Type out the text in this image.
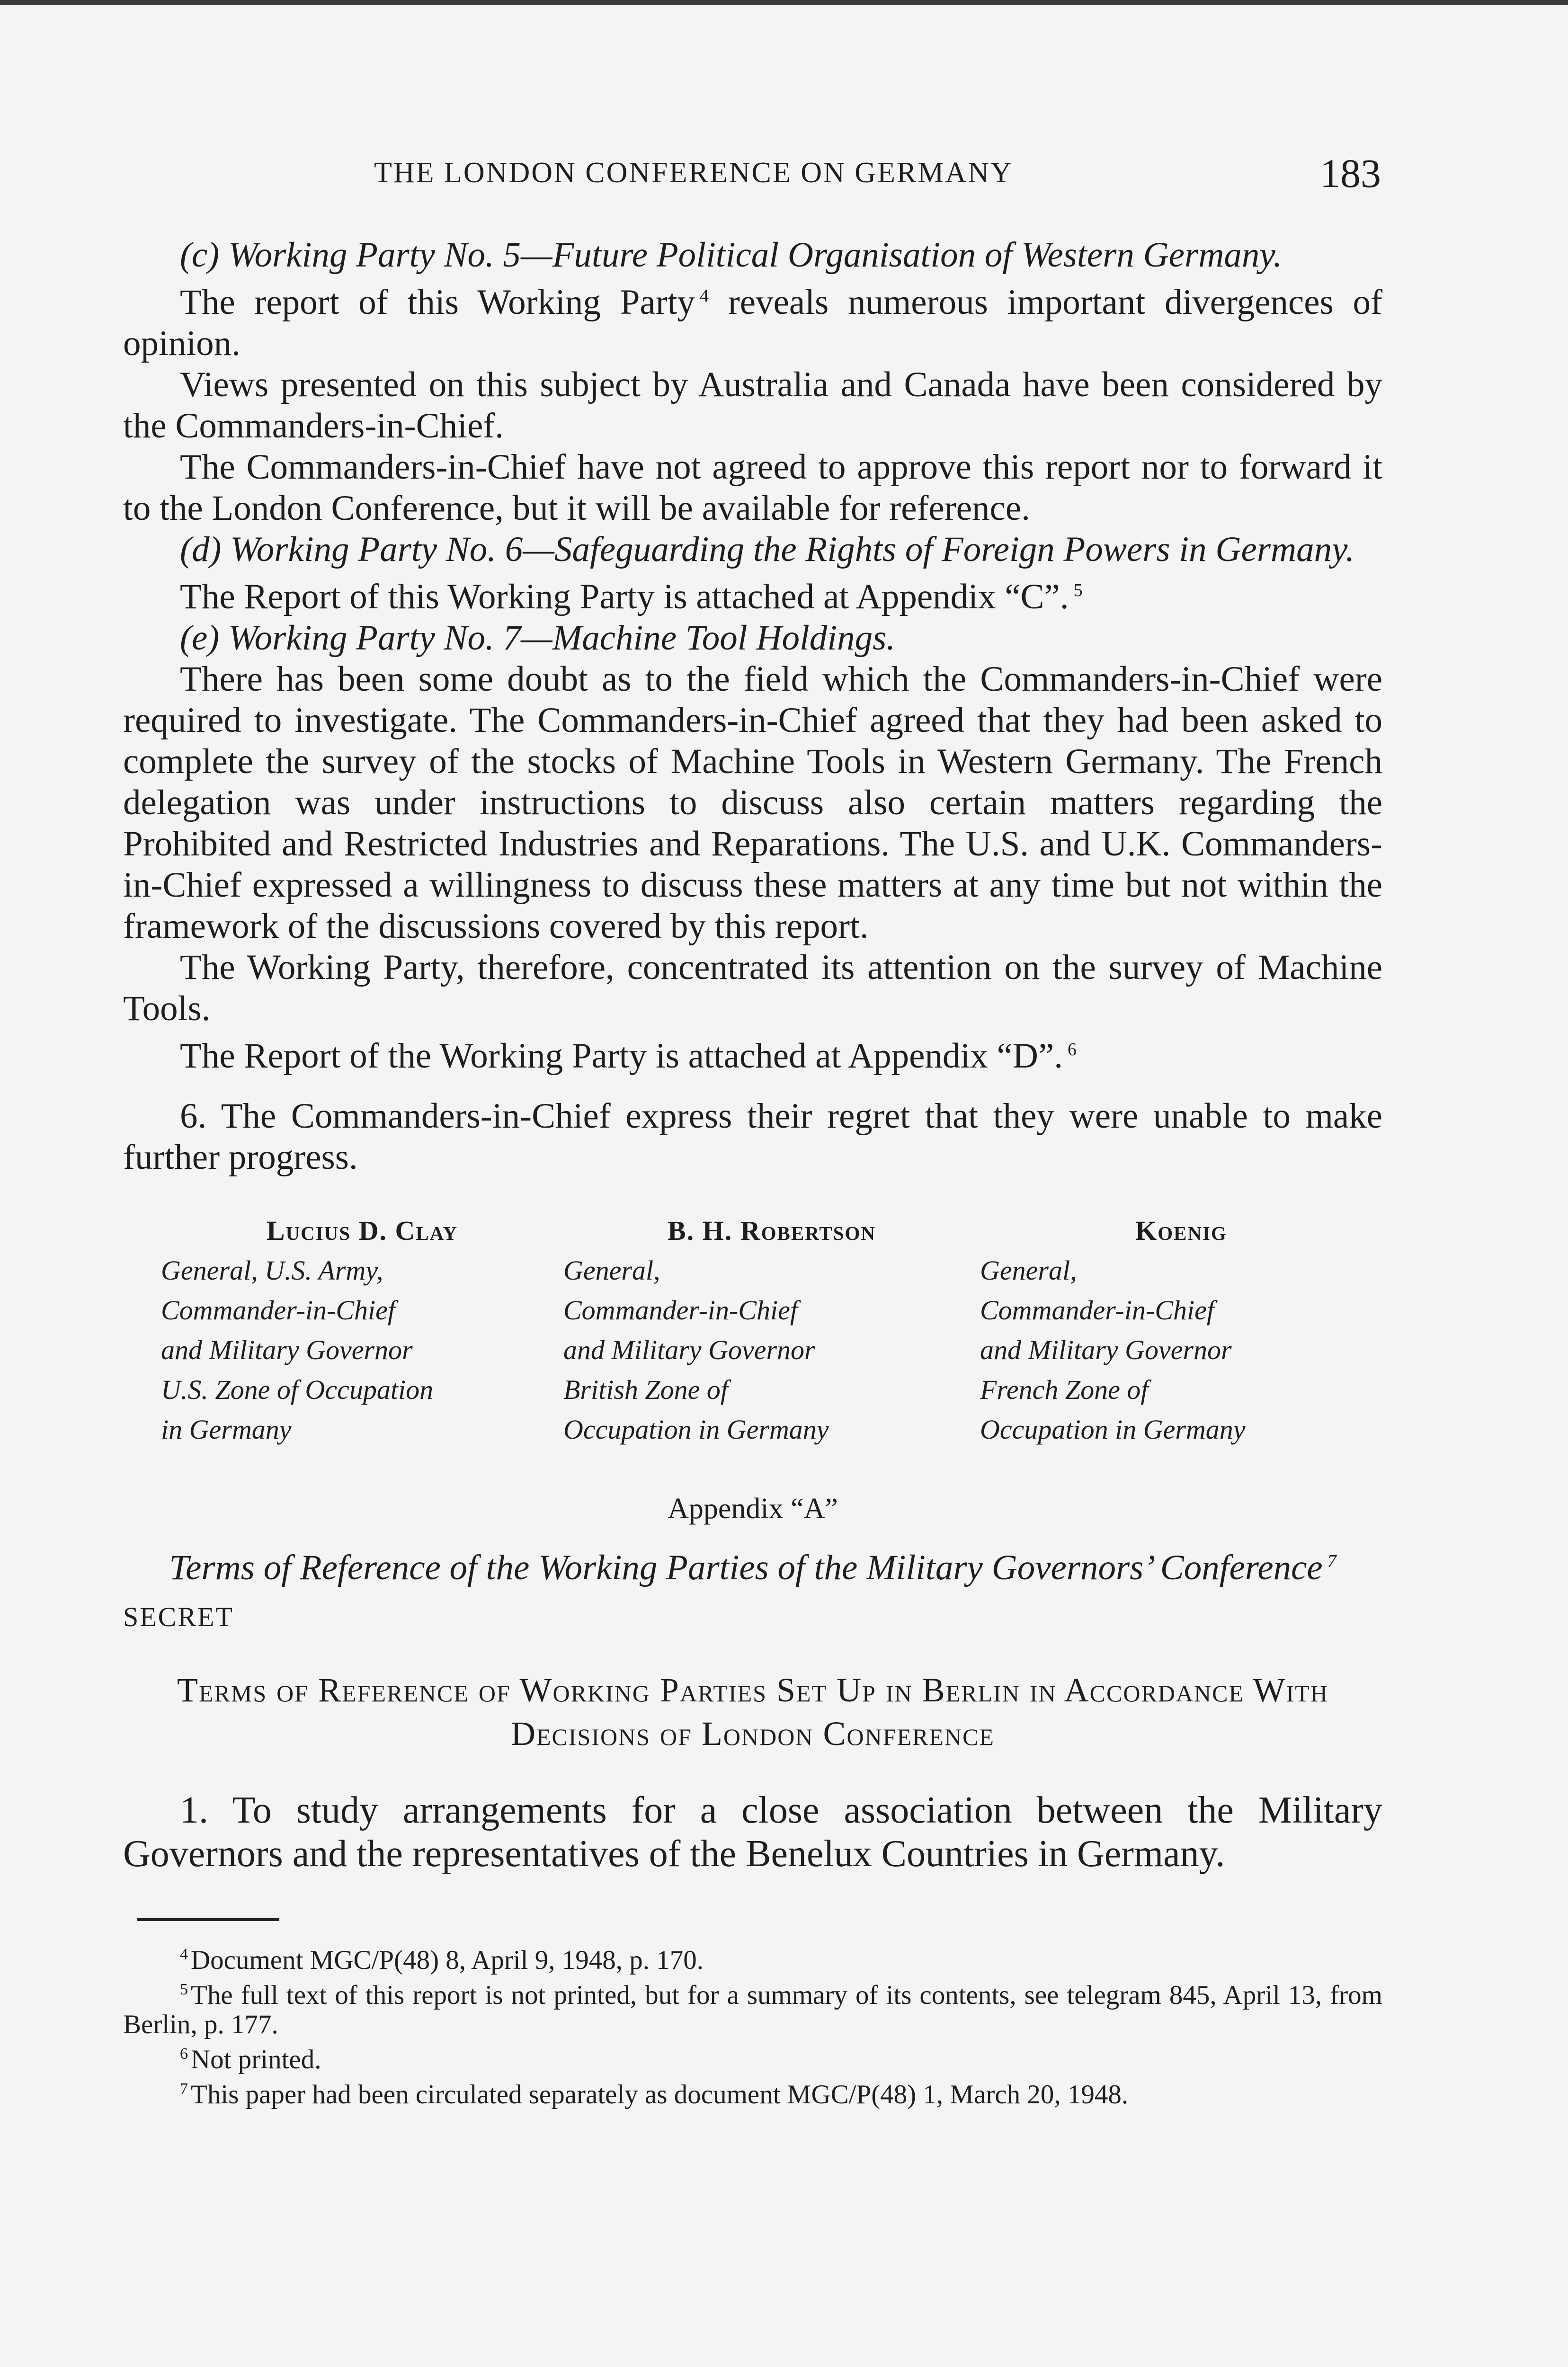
THE LONDON CONFERENCE ON GERMANY	183

(c) Working Party No. 5—Future Political Organisation of Western Germany.

The report of this Working Party $^4$ reveals numerous important divergences of opinion.

Views presented on this subject by Australia and Canada have been considered by the Commanders-in-Chief.

The Commanders-in-Chief have not agreed to approve this report nor to forward it to the London Conference, but it will be available for reference.

(d) Working Party No. 6—Safeguarding the Rights of Foreign Powers in Germany.

The Report of this Working Party is attached at Appendix “C”. $^5$

(e) Working Party No. 7—Machine Tool Holdings.

There has been some doubt as to the field which the Commanders-in-Chief were required to investigate. The Commanders-in-Chief agreed that they had been asked to complete the survey of the stocks of Machine Tools in Western Germany. The French delegation was under instructions to discuss also certain matters regarding the Prohibited and Restricted Industries and Reparations. The U.S. and U.K. Commanders-in-Chief expressed a willingness to discuss these matters at any time but not within the framework of the discussions covered by this report.

The Working Party, therefore, concentrated its attention on the survey of Machine Tools.

The Report of the Working Party is attached at Appendix “D”. $^6$

6. The Commanders-in-Chief express their regret that they were unable to make further progress.

Lucius D. Clay
General, U.S. Army,
Commander-in-Chief
and Military Governor
U.S. Zone of Occupation
in Germany
B. H. Robertson
General,
Commander-in-Chief
and Military Governor
British Zone of
Occupation in Germany
Koenig
General,
Commander-in-Chief
and Military Governor
French Zone of
Occupation in Germany
Appendix “A”
Terms of Reference of the Working Parties of the Military Governors’ Conference $^7$
SECRET
Terms of Reference of Working Parties Set Up in Berlin in Accordance With Decisions of London Conference

1. To study arrangements for a close association between the Military Governors and the representatives of the Benelux Countries in Germany.

$^4$ Document MGC/P(48) 8, April 9, 1948, p. 170.
$^5$ The full text of this report is not printed, but for a summary of its contents, see telegram 845, April 13, from Berlin, p. 177.
$^6$ Not printed.
$^7$ This paper had been circulated separately as document MGC/P(48) 1, March 20, 1948.
